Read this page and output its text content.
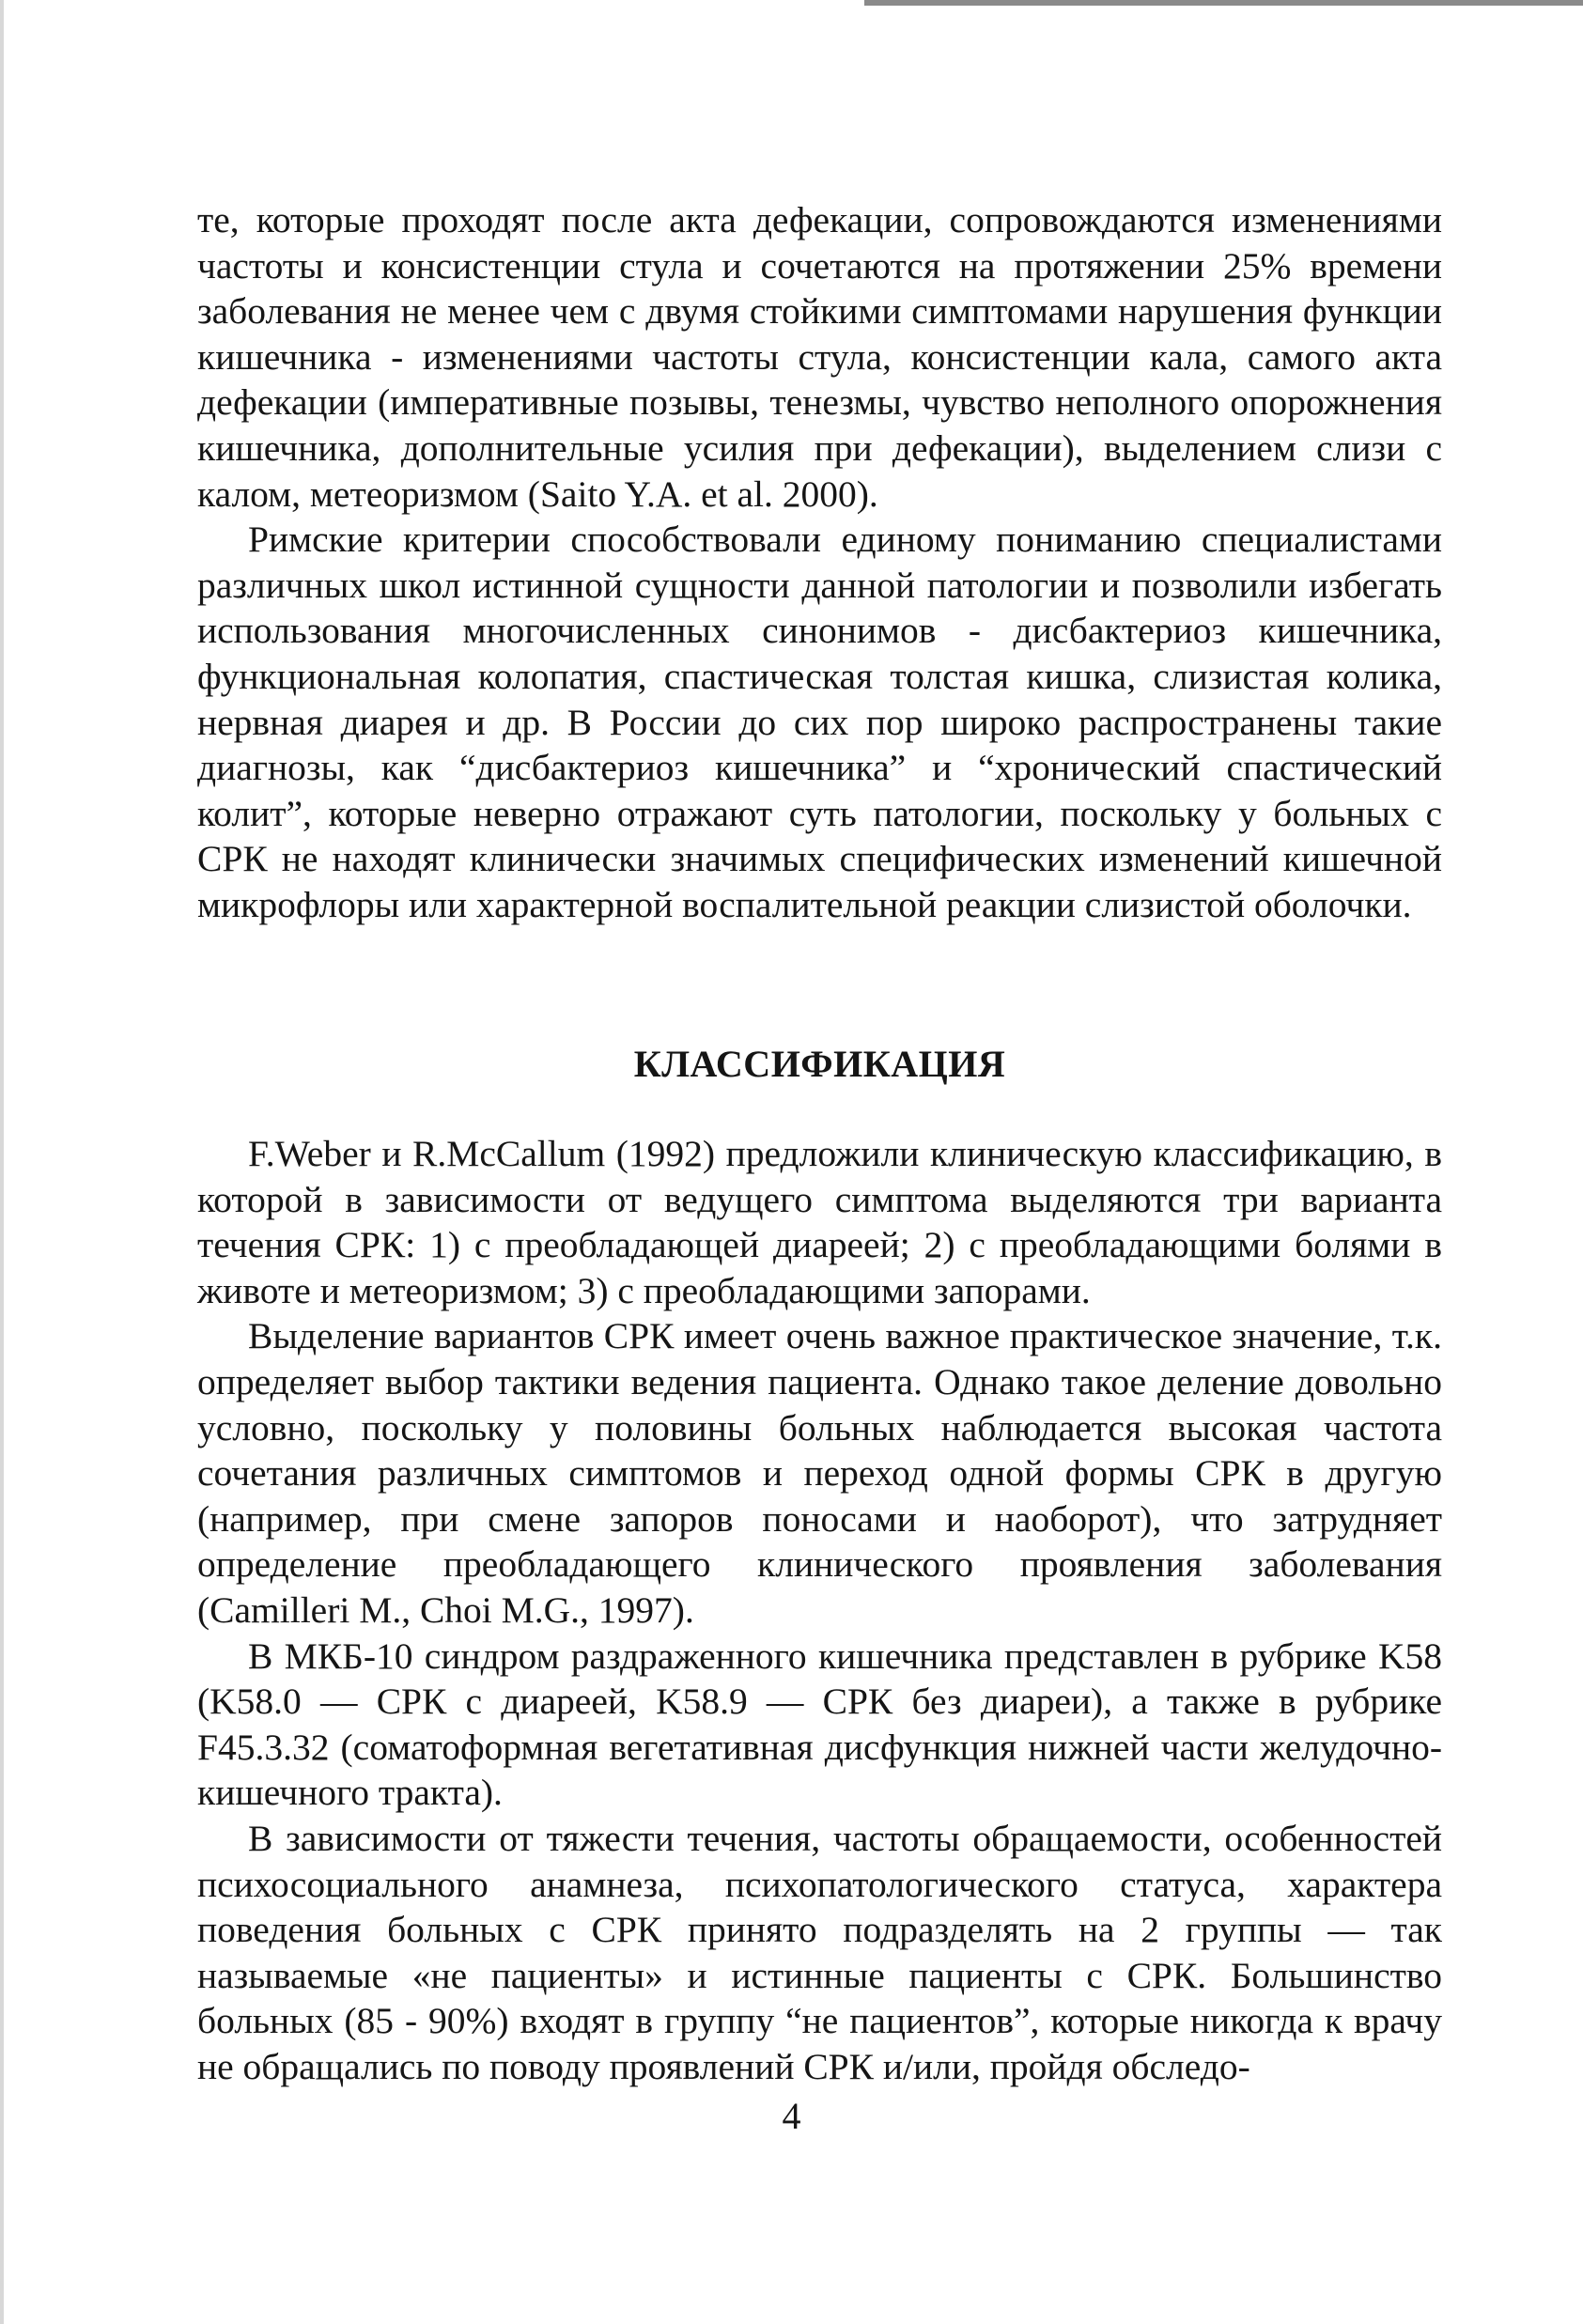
те, которые проходят после акта дефекации, сопровождаются изменениями частоты и консистенции стула и сочетаются на протяжении 25% времени заболевания не менее чем с двумя стойкими симптомами нарушения функции кишечника - изменениями частоты стула, консистенции кала, самого акта дефекации (императивные позывы, тенезмы, чувство неполного опорожнения кишечника, дополнительные усилия при дефекации), выделением слизи с калом, метеоризмом (Saito Y.A. et al. 2000).

Римские критерии способствовали единому пониманию специалистами различных школ истинной сущности данной патологии и позволили избегать использования многочисленных синонимов - дисбактериоз кишечника, функциональная колопатия, спастическая толстая кишка, слизистая колика, нервная диарея и др. В России до сих пор широко распространены такие диагнозы, как “дисбактериоз кишечника” и “хронический спастический колит”, которые неверно отражают суть патологии, поскольку у больных с СРК не находят клинически значимых специфических изменений кишечной микрофлоры или характерной воспалительной реакции слизистой оболочки.

КЛАССИФИКАЦИЯ

F.Weber и R.McCallum (1992) предложили клиническую классификацию, в которой в зависимости от ведущего симптома выделяются три варианта течения СРК: 1) с преобладающей диареей; 2) с преобладающими болями в животе и метеоризмом; 3) с преобладающими запорами.

Выделение вариантов СРК имеет очень важное практическое значение, т.к. определяет выбор тактики ведения пациента. Однако такое деление довольно условно, поскольку у половины больных наблюдается высокая частота сочетания различных симптомов и переход одной формы СРК в другую (например, при смене запоров поносами и наоборот), что затрудняет определение преобладающего клинического проявления заболевания (Camilleri M., Choi M.G., 1997).

В МКБ-10 синдром раздраженного кишечника представлен в рубрике K58 (K58.0 — СРК с диареей, K58.9 — СРК без диареи), а также в рубрике F45.3.32 (соматоформная вегетативная дисфункция нижней части желудочно-кишечного тракта).

В зависимости от тяжести течения, частоты обращаемости, особенностей психосоциального анамнеза, психопатологического статуса, характера поведения больных с СРК принято подразделять на 2 группы — так называемые «не пациенты» и истинные пациенты с СРК. Большинство больных (85 - 90%) входят в группу “не пациентов”, которые никогда к врачу не обращались по поводу проявлений СРК и/или, пройдя обследо-

4
